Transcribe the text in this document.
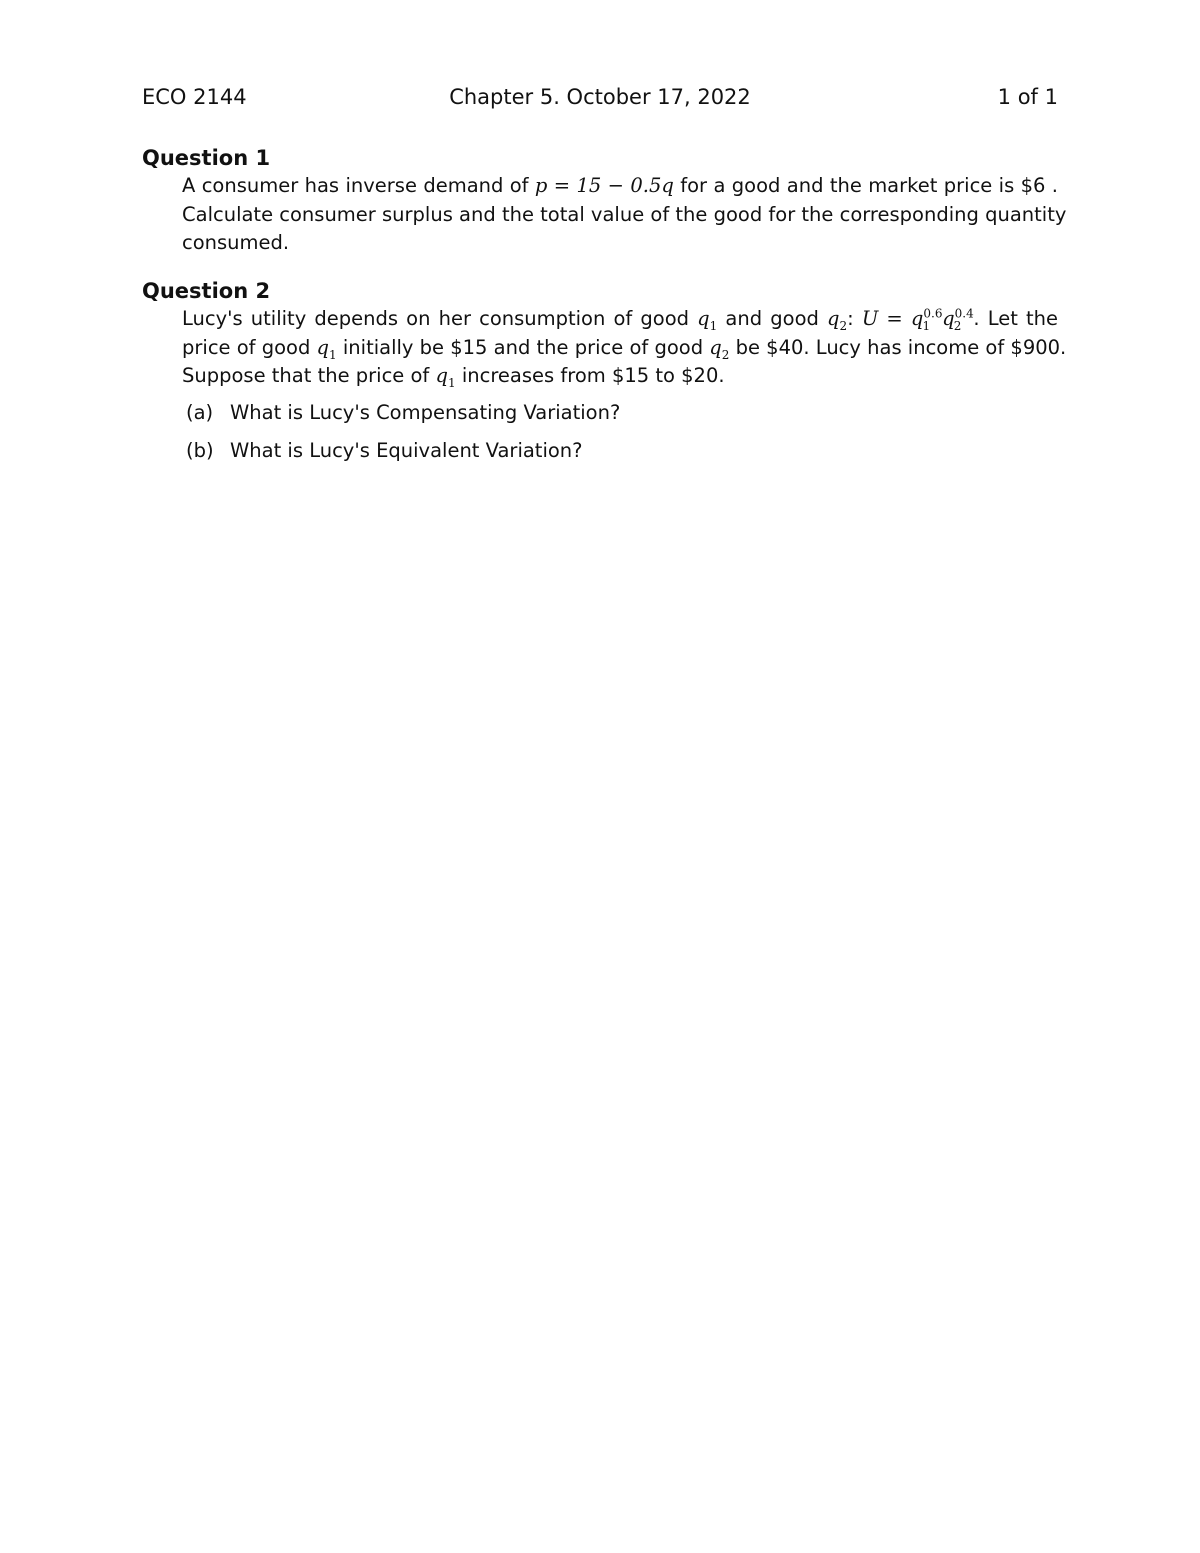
ECO 2144	Chapter 5. October 17, 2022	1 of 1
Question 1
A consumer has inverse demand of p = 15 − 0.5q for a good and the market price is $6 .
Calculate consumer surplus and the total value of the good for the corresponding quantity
consumed.
Question 2
Lucy's utility depends on her consumption of good $q_1$ and good $q_2$: $U = q^{0.6}_1$ $q^{0.4}_2$ . Let the
price of good $q_1$ initially be $15 and the price of good $q_2$ be $40. Lucy has income of $900.
Suppose that the price of $q_1$ increases from $15 to $20.
(a) What is Lucy's Compensating Variation?
(b) What is Lucy's Equivalent Variation?
